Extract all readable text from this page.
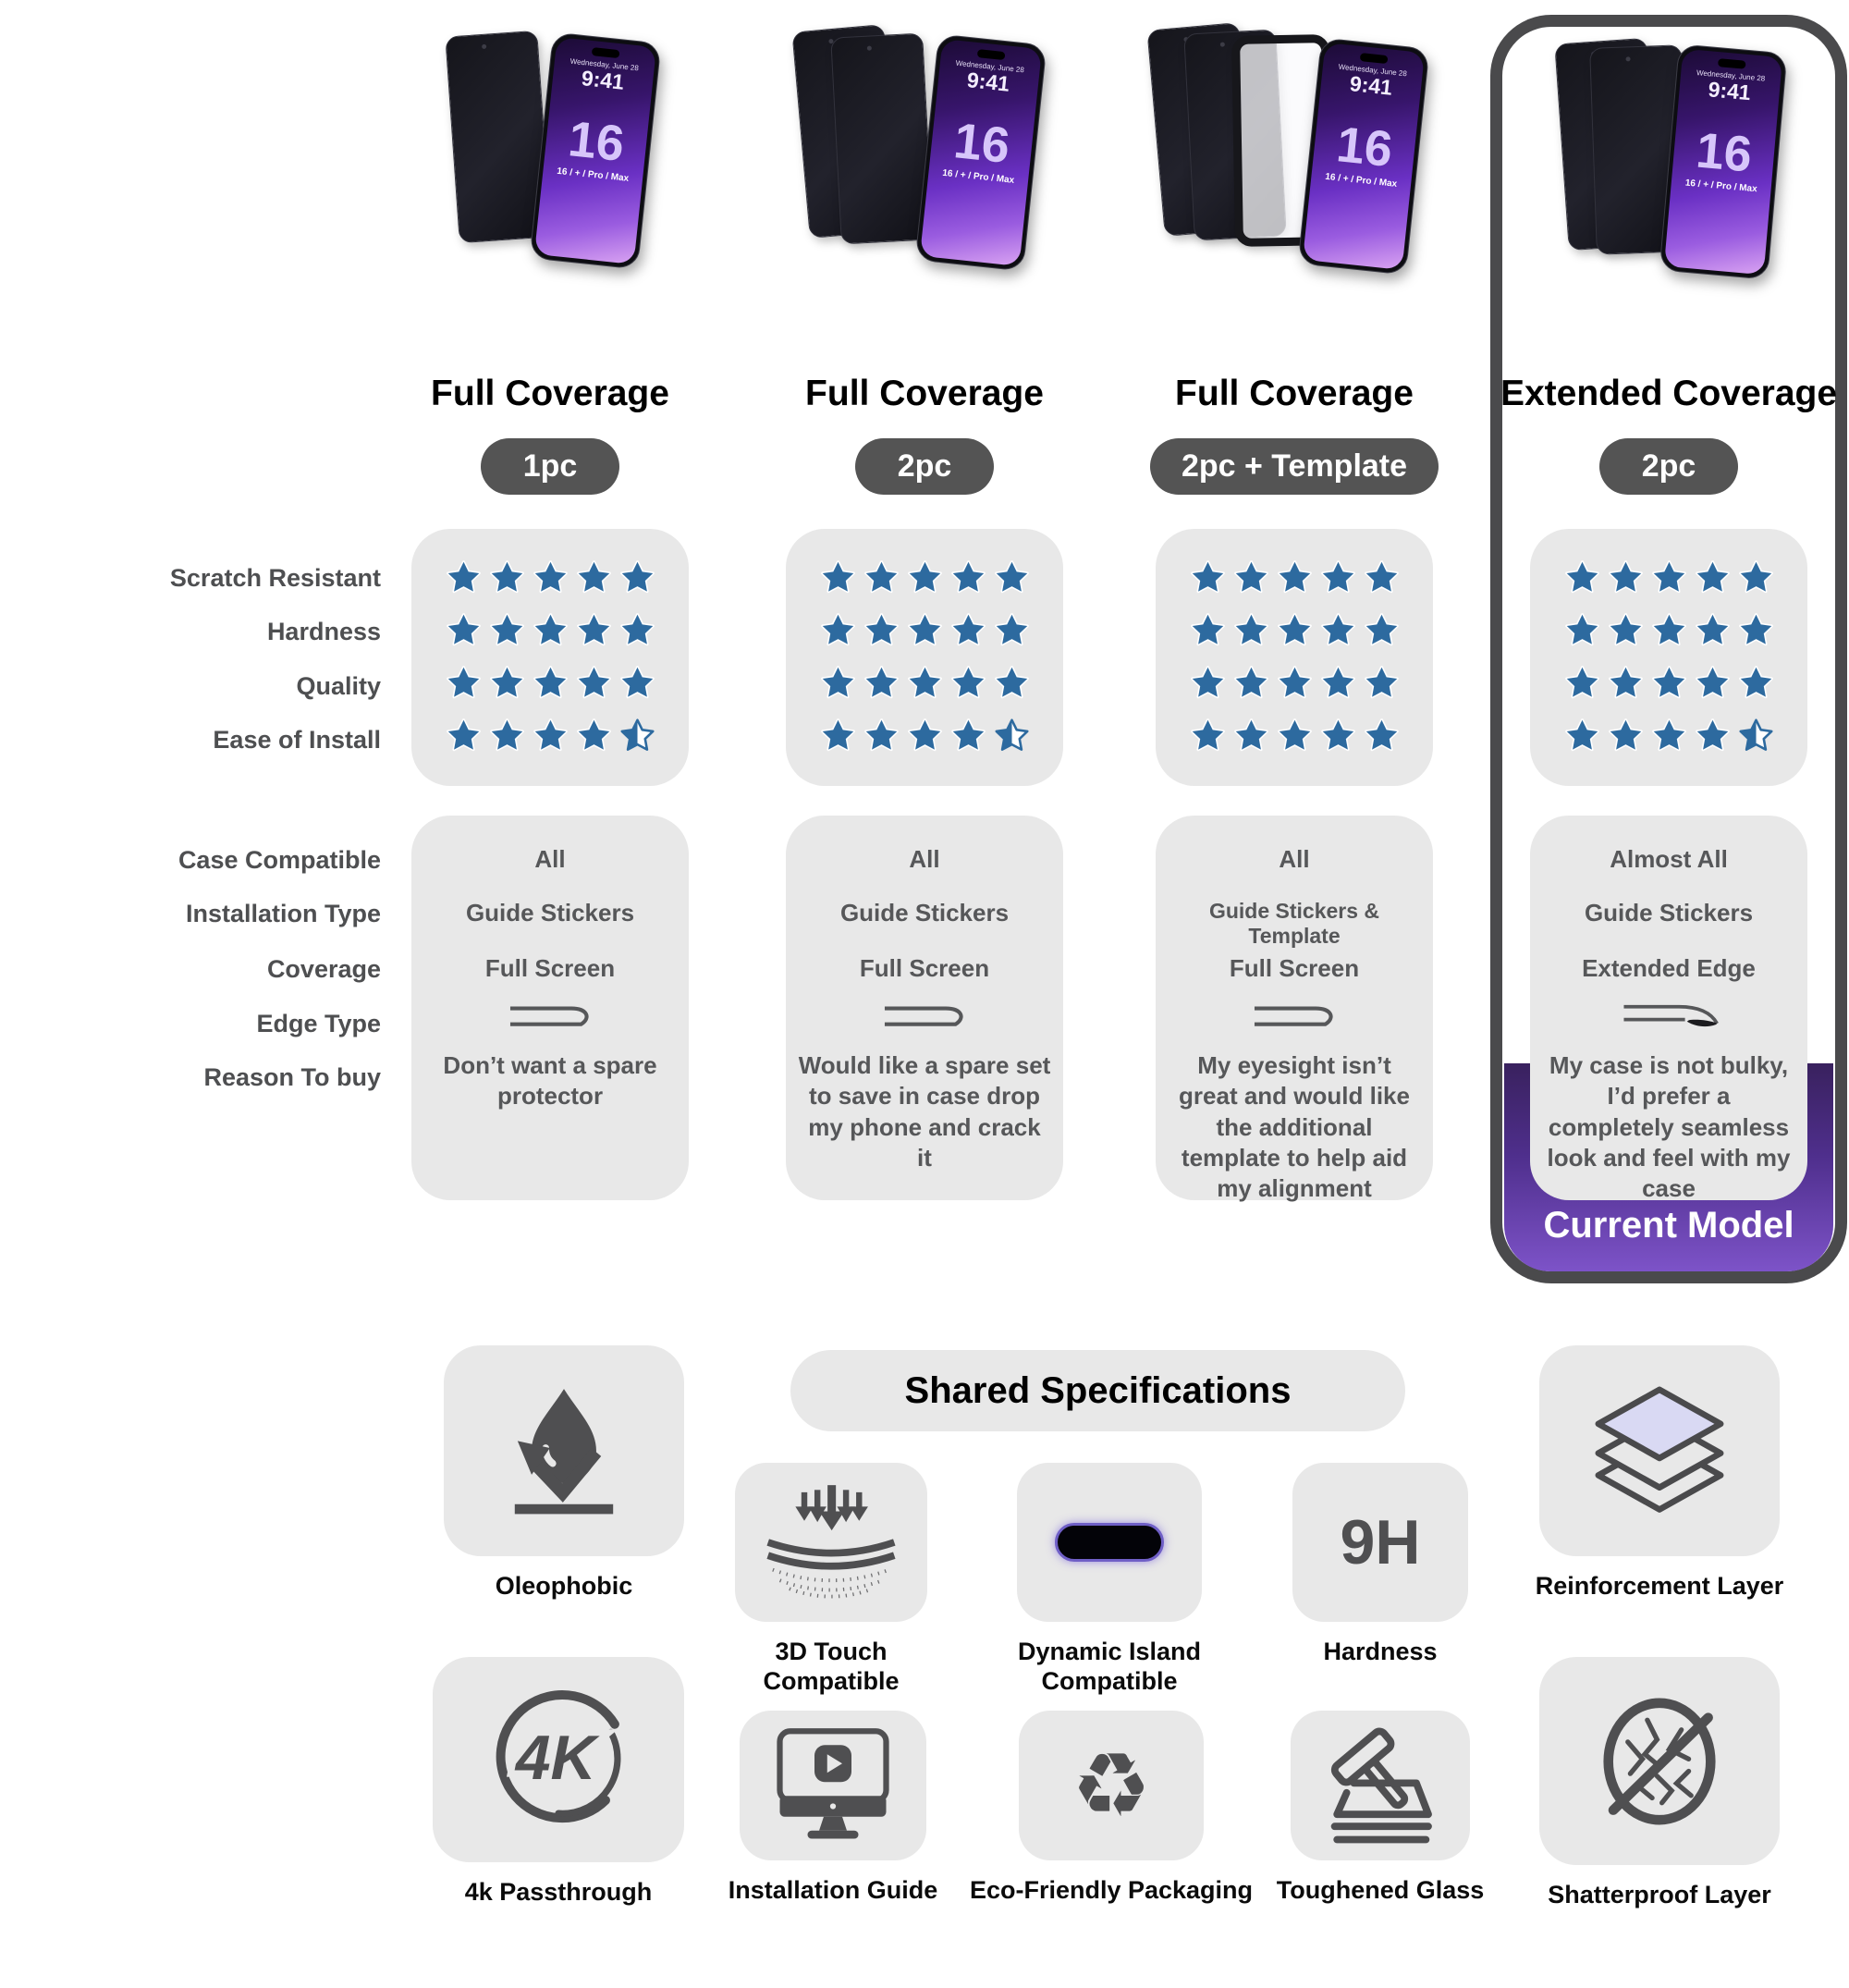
Scratch Resistant
Hardness
Quality
Ease of Install
Case Compatible
Installation Type
Coverage
Edge Type
Reason To buy
Current Model
Wednesday, June 28
9:41
16
16 / + / Pro / Max
Full Coverage
1pc
All
Guide Stickers
Full Screen
Don’t want a spare protector
Wednesday, June 28
9:41
16
16 / + / Pro / Max
Full Coverage
2pc
All
Guide Stickers
Full Screen
Would like a spare set to save in case drop my phone and crack it
Wednesday, June 28
9:41
16
16 / + / Pro / Max
Full Coverage
2pc + Template
All
Guide Stickers & Template
Full Screen
My eyesight isn’t great and would like the additional template to help aid my alignment
Wednesday, June 28
9:41
16
16 / + / Pro / Max
Extended Coverage
2pc
Almost All
Guide Stickers
Extended Edge
My case is not bulky, I’d prefer a completely seamless look and feel with my case
Shared Specifications
Oleophobic
3D Touch Compatible
Dynamic Island Compatible
9H
Hardness
Reinforcement Layer
4K
4k Passthrough	Installation Guide
♻
Eco-Friendly Packaging Toughened Glass	Shatterproof Layer
